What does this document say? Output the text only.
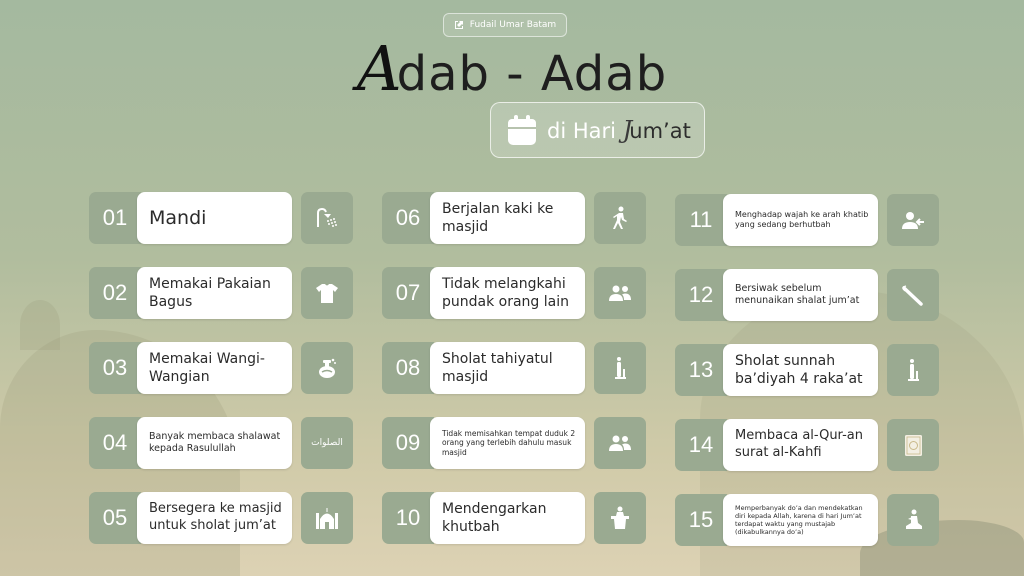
Fudail Umar Batam
Adab - Adab
di Hari Jum’at
01	Mandi
02	Memakai Pakaian Bagus
03	Memakai Wangi-Wangian
04	Banyak membaca shalawat kepada Rasulullah	الصلوات
05	Bersegera ke masjid untuk sholat jum’at
06	Berjalan kaki ke masjid
07	Tidak melangkahi pundak orang lain
08	Sholat tahiyatul masjid
09	Tidak memisahkan tempat duduk 2 orang yang terlebih dahulu masuk masjid
10	Mendengarkan khutbah
11	Menghadap wajah ke arah khatib yang sedang berhutbah
12	Bersiwak sebelum menunaikan shalat jum’at
13	Sholat sunnah ba’diyah 4 raka’at
14	Membaca al-Qur-an surat al-Kahfi
15	Memperbanyak do’a dan mendekatkan diri kepada Allah, karena di hari Jum’at terdapat waktu yang mustajab (dikabulkannya do’a)
